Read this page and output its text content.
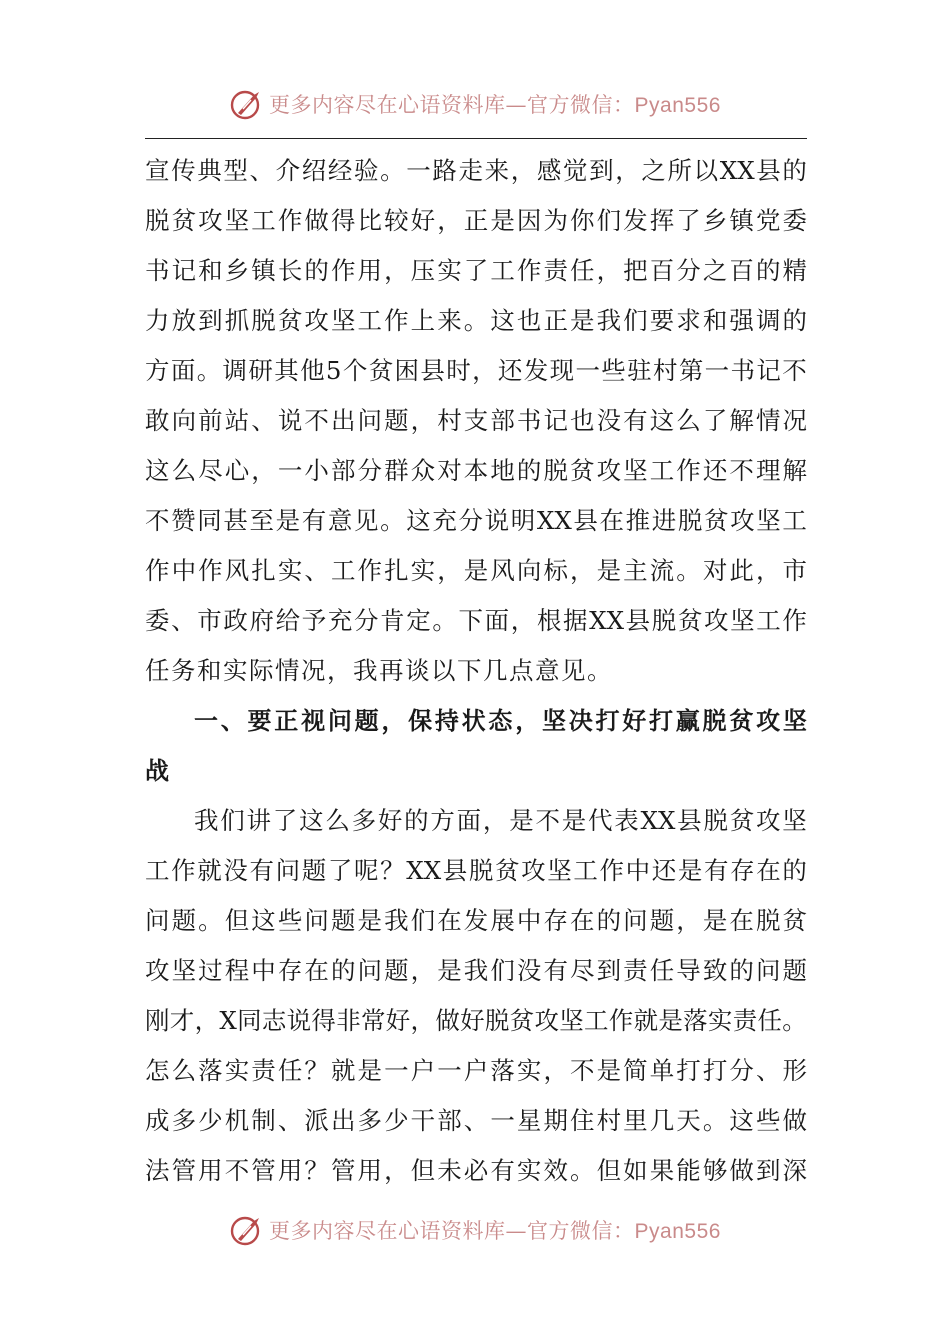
更多内容尽在心语资料库—官方微信：Pyan556
宣 传 典 型 、 介 绍 经 验 。 一 路 走 来 ， 感 觉 到 ， 之 所 以 XX 县 的
脱 贫 攻 坚 工 作 做 得 比 较 好 ， 正 是 因 为 你 们 发 挥 了 乡 镇 党 委
书 记 和 乡 镇 长 的 作 用 ， 压 实 了 工 作 责 任 ， 把 百 分 之 百 的 精
力 放 到 抓 脱 贫 攻 坚 工 作 上 来 。 这 也 正 是 我 们 要 求 和 强 调 的
方 面 。 调 研 其 他 5 个 贫 困 县 时 ， 还 发 现 一 些 驻 村 第 一 书 记 不
敢 向 前 站 、 说 不 出 问 题 ， 村 支 部 书 记 也 没 有 这 么 了 解 情 况
这 么 尽 心 ， 一 小 部 分 群 众 对 本 地 的 脱 贫 攻 坚 工 作 还 不 理 解
不 赞 同 甚 至 是 有 意 见 。 这 充 分 说 明 XX 县 在 推 进 脱 贫 攻 坚 工
作 中 作 风 扎 实 、 工 作 扎 实 ， 是 风 向 标 ， 是 主 流 。 对 此 ， 市
委 、 市 政 府 给 予 充 分 肯 定 。 下 面 ， 根 据 XX 县 脱 贫 攻 坚 工 作
任务和实际情况，我再谈以下几点意见。
一 、 要 正 视 问 题 ， 保 持 状 态 ， 坚 决 打 好 打 赢 脱 贫 攻 坚
战
我 们 讲 了 这 么 多 好 的 方 面 ， 是 不 是 代 表 XX 县 脱 贫 攻 坚
工 作 就 没 有 问 题 了 呢 ？ XX 县 脱 贫 攻 坚 工 作 中 还 是 有 存 在 的
问 题 。 但 这 些 问 题 是 我 们 在 发 展 中 存 在 的 问 题 ， 是 在 脱 贫
攻 坚 过 程 中 存 在 的 问 题 ， 是 我 们 没 有 尽 到 责 任 导 致 的 问 题
刚 才 ， X 同 志 说 得 非 常 好 ， 做 好 脱 贫 攻 坚 工 作 就 是 落 实 责 任 。
怎 么 落 实 责 任 ？ 就 是 一 户 一 户 落 实 ， 不 是 简 单 打 打 分 、 形
成 多 少 机 制 、 派 出 多 少 干 部 、 一 星 期 住 村 里 几 天 。 这 些 做
法 管 用 不 管 用 ？ 管 用 ， 但 未 必 有 实 效 。 但 如 果 能 够 做 到 深
更多内容尽在心语资料库—官方微信：Pyan556
